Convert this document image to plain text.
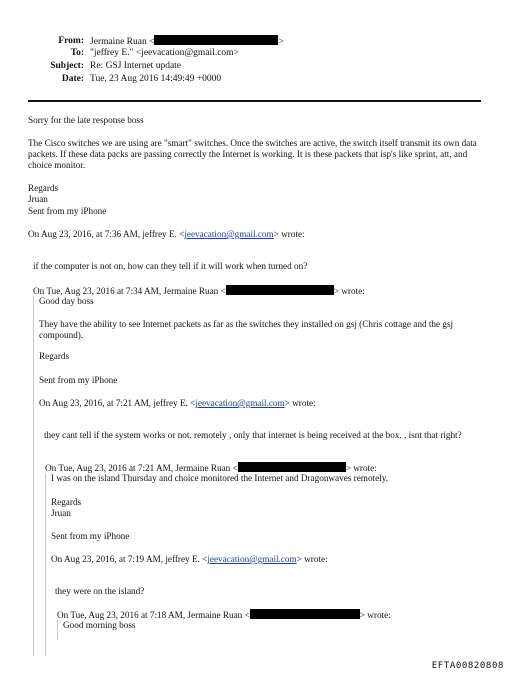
From: Jermaine Ruan <	>
To: "jeffrey E." <jeevacation@gmail.com>
Subject: Re: GSJ Internet update
Date: Tue, 23 Aug 2016 14:49:49 +0000
Sorry for the late response boss
The Cisco switches we are using are "smart" switches. Once the switches are active, the switch itself transmit its own data packets. If these data packs are passing correctly the Internet is working. It is these packets that isp's like sprint, att, and choice monitor.
Regards
Jruan
Sent from my iPhone
On Aug 23, 2016, at 7:36 AM, jeffrey E. <jeevacation@gmail.com> wrote:
if the computer is not on, how can they tell if it will work when turned on?
On Tue, Aug 23, 2016 at 7:34 AM, Jermaine Ruan <	> wrote:
Good day boss
They have the ability to see Internet packets as far as the switches they installed on gsj (Chris cottage and the gsj compound).
Regards
Sent from my iPhone
On Aug 23, 2016, at 7:21 AM, jeffrey E. <jeevacation@gmail.com> wrote:
they cant tell if the system works or not. remotely , only that internet is being received at the box. , isnt that right?
On Tue, Aug 23, 2016 at 7:21 AM, Jermaine Ruan <	> wrote:
I was on the island Thursday and choice monitored the Internet and Dragonwaves remotely.
Regards
Jruan
Sent from my iPhone
On Aug 23, 2016, at 7:19 AM, jeffrey E. <jeevacation@gmail.com> wrote:
they were on the island?
On Tue, Aug 23, 2016 at 7:18 AM, Jermaine Ruan <	> wrote:
Good morning boss
EFTA00820808
